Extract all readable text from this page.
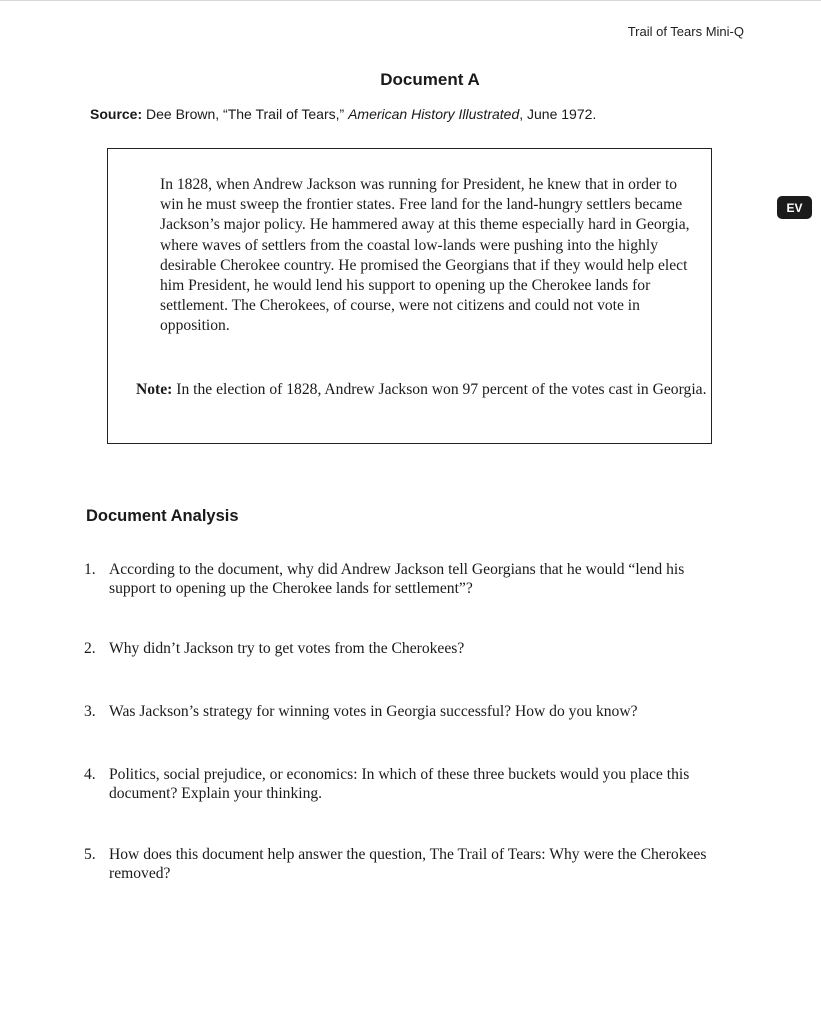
Trail of Tears Mini-Q
Document A
Source: Dee Brown, “The Trail of Tears,” American History Illustrated, June 1972.
In 1828, when Andrew Jackson was running for President, he knew that in order to win he must sweep the frontier states. Free land for the land-hungry settlers became Jackson’s major policy. He hammered away at this theme especially hard in Georgia, where waves of settlers from the coastal low-lands were pushing into the highly desirable Cherokee country. He promised the Georgians that if they would help elect him President, he would lend his support to opening up the Cherokee lands for settlement. The Cherokees, of course, were not citizens and could not vote in opposition.
Note: In the election of 1828, Andrew Jackson won 97 percent of the votes cast in Georgia.
EV
Document Analysis
1. According to the document, why did Andrew Jackson tell Georgians that he would “lend his support to opening up the Cherokee lands for settlement”?
2. Why didn’t Jackson try to get votes from the Cherokees?
3. Was Jackson’s strategy for winning votes in Georgia successful? How do you know?
4. Politics, social prejudice, or economics: In which of these three buckets would you place this document? Explain your thinking.
5. How does this document help answer the question, The Trail of Tears: Why were the Cherokees removed?
